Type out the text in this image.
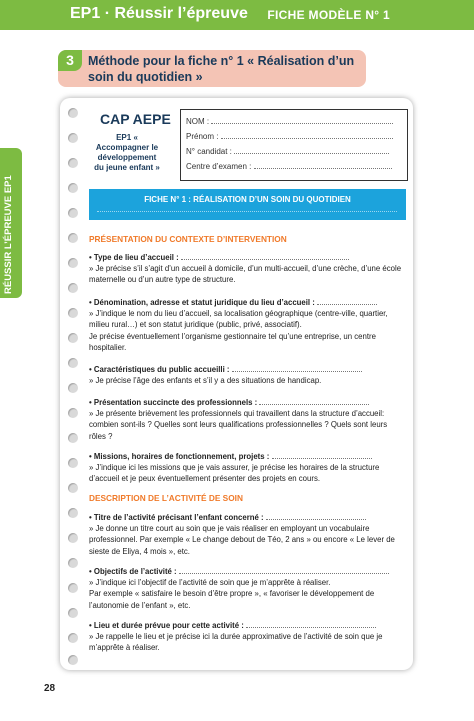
EP1 · Réussir l’épreuve FICHE MODÈLE N° 1
RÉUSSIR L’ÉPREUVE EP1
3	Méthode pour la fiche n° 1 « Réalisation d’un soin du quotidien »
CAP AEPE
EP1 « Accompagner le développement du jeune enfant »
NOM :
Prénom :
N° candidat :
Centre d’examen :
FICHE N° 1 : RÉALISATION D’UN SOIN DU QUOTIDIEN
PRÉSENTATION DU CONTEXTE D’INTERVENTION
• Type de lieu d’accueil :
» Je précise s’il s’agit d’un accueil à domicile, d’un multi-accueil, d’une crèche, d’une école maternelle ou d’un autre type de structure.
• Dénomination, adresse et statut juridique du lieu d’accueil :
» J’indique le nom du lieu d’accueil, sa localisation géographique (centre-ville, quartier, milieu rural…) et son statut juridique (public, privé, associatif).
Je précise éventuellement l’organisme gestionnaire tel qu’une entreprise, un centre hospitalier.
• Caractéristiques du public accueilli :
» Je précise l’âge des enfants et s’il y a des situations de handicap.
• Présentation succincte des professionnels :
» Je présente brièvement les professionnels qui travaillent dans la structure d’accueil: combien sont-ils ? Quelles sont leurs qualifications professionnelles ? Quels sont leurs rôles ?
• Missions, horaires de fonctionnement, projets :
» J’indique ici les missions que je vais assurer, je précise les horaires de la structure d’accueil et je peux éventuellement présenter des projets en cours.
DESCRIPTION DE L’ACTIVITÉ DE SOIN
• Titre de l’activité précisant l’enfant concerné :
» Je donne un titre court au soin que je vais réaliser en employant un vocabulaire professionnel. Par exemple « Le change debout de Téo, 2 ans » ou encore « Le lever de sieste de Eliya, 4 mois », etc.
• Objectifs de l’activité :
» J’indique ici l’objectif de l’activité de soin que je m’apprête à réaliser.
Par exemple « satisfaire le besoin d’être propre », « favoriser le développement de l’autonomie de l’enfant », etc.
• Lieu et durée prévue pour cette activité :
» Je rappelle le lieu et je précise ici la durée approximative de l’activité de soin que je m’apprête à réaliser.
28
